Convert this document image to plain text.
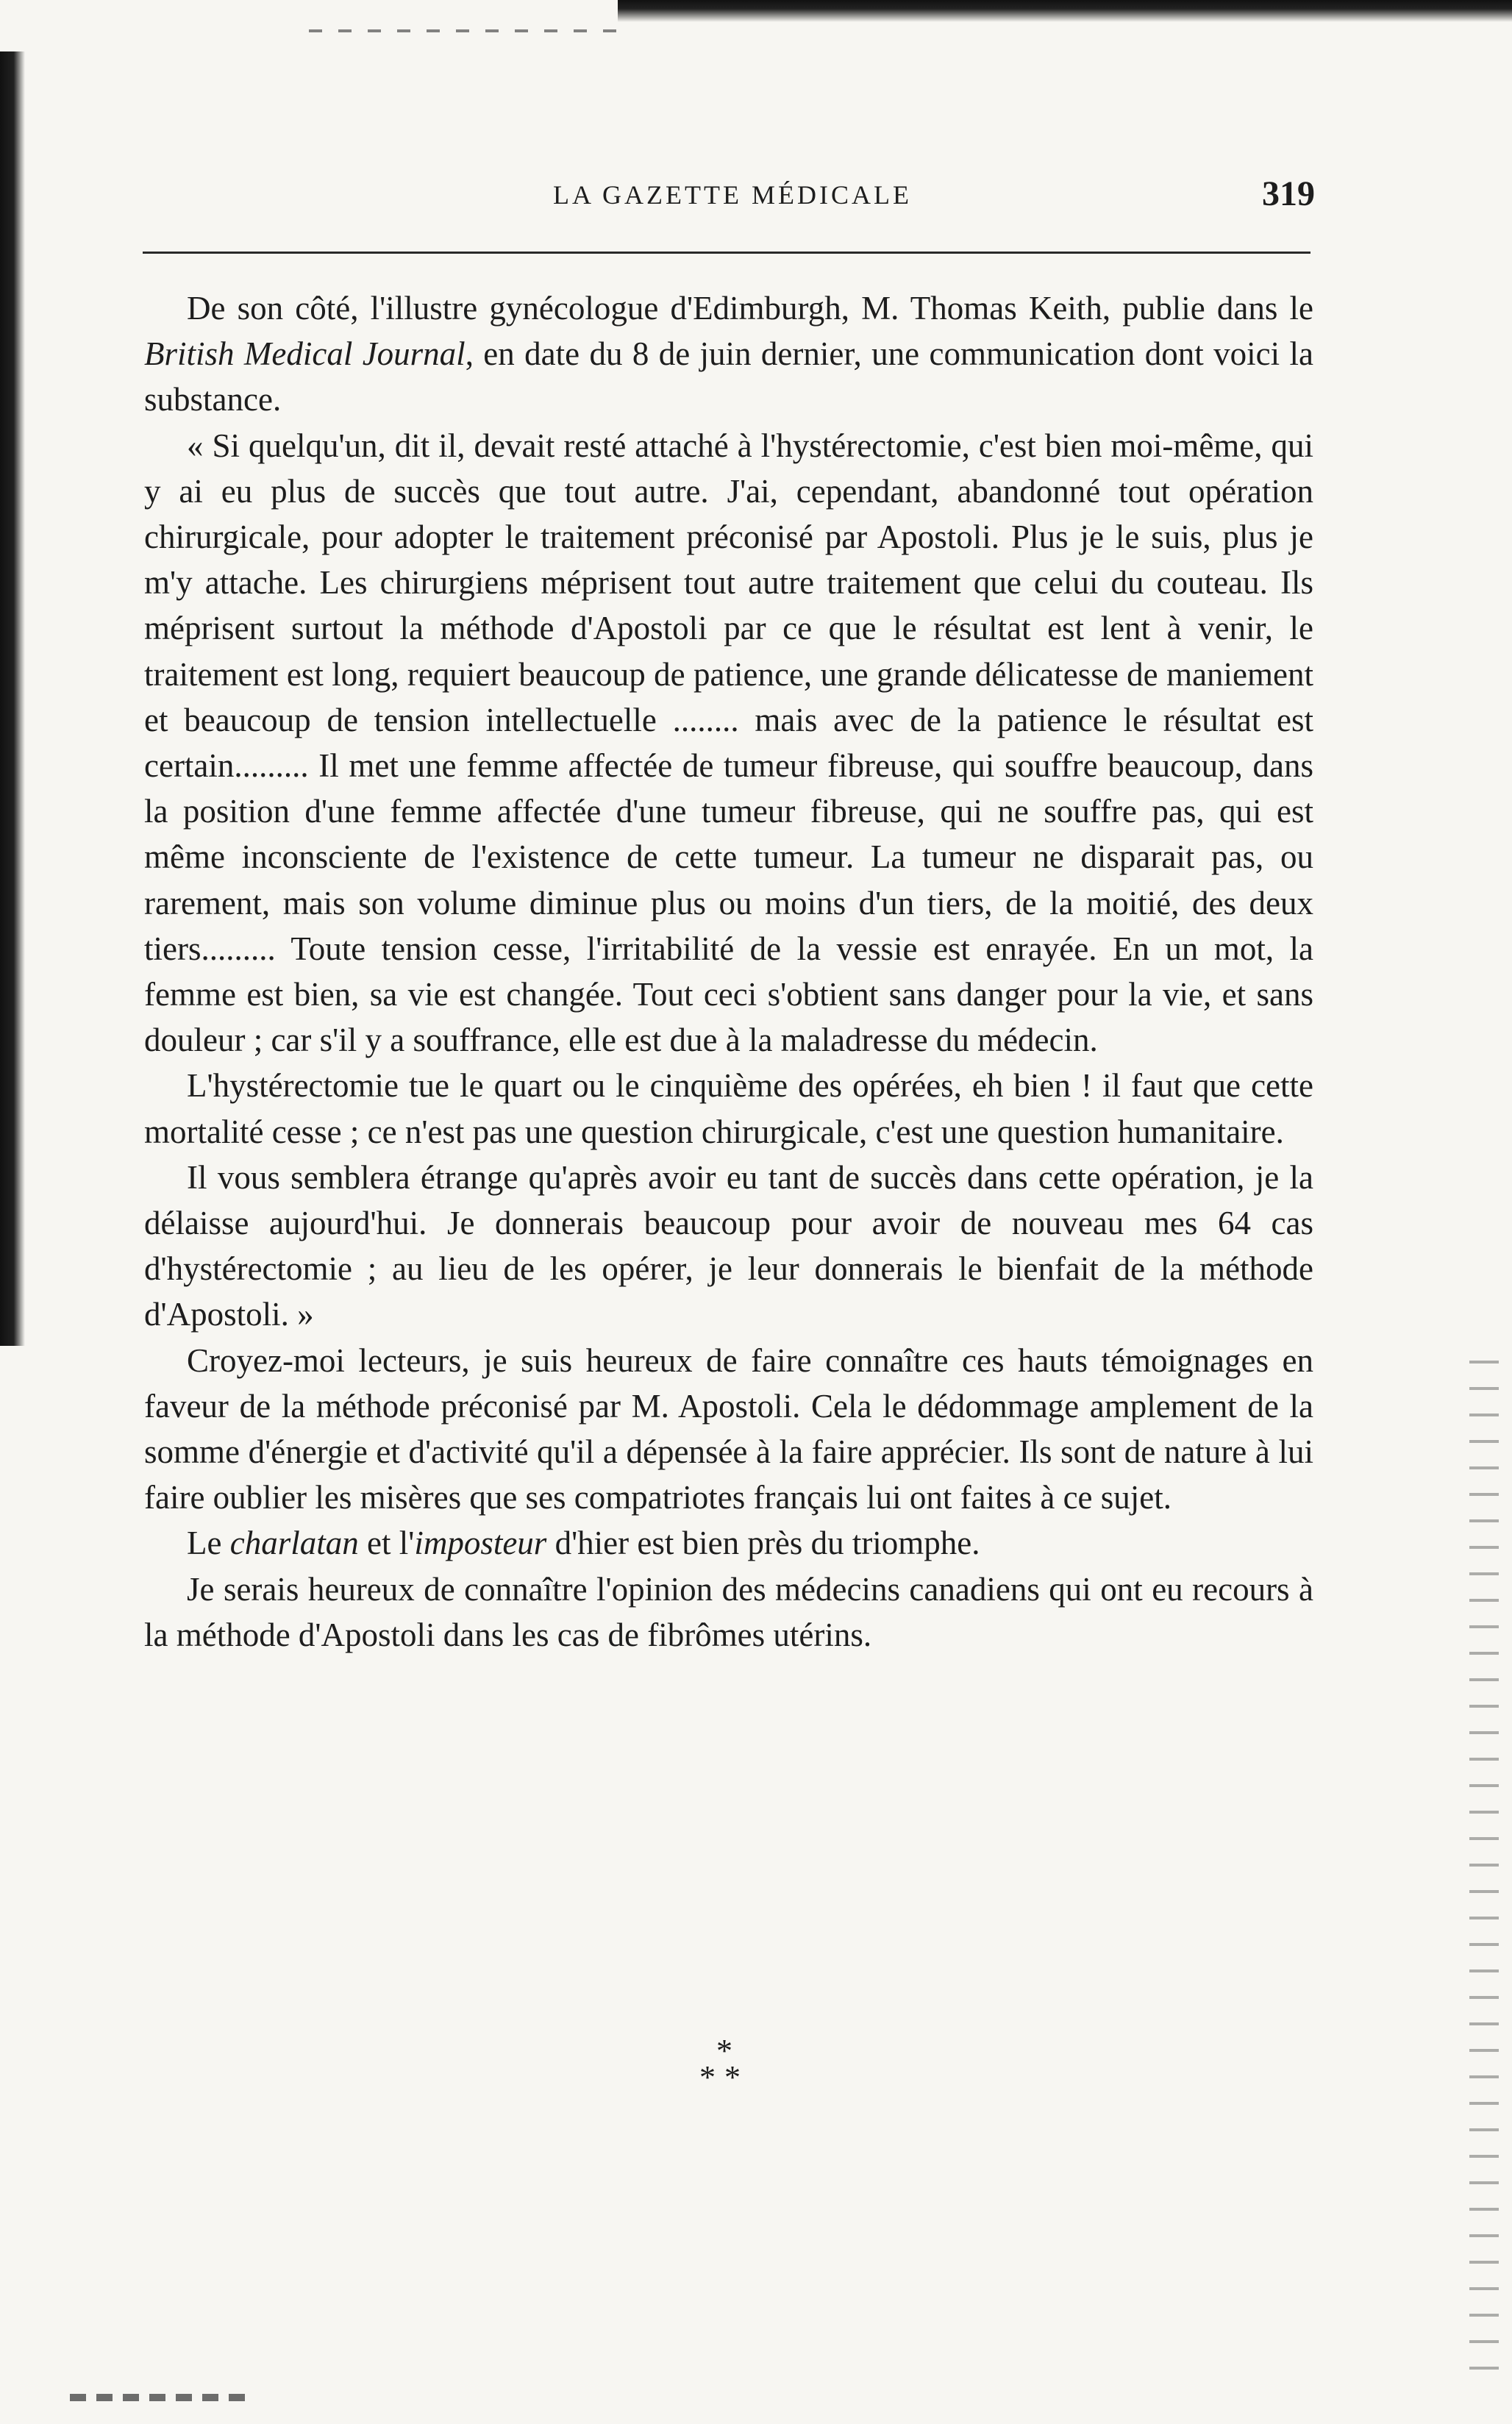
LA GAZETTE MÉDICALE	319

De son côté, l'illustre gynécologue d'Edimburgh, M. Thomas Keith, publie dans le British Medical Journal, en date du 8 de juin dernier, une communication dont voici la substance.

« Si quelqu'un, dit il, devait resté attaché à l'hystérectomie, c'est bien moi-même, qui y ai eu plus de succès que tout autre. J'ai, cependant, abandonné tout opération chirurgicale, pour adopter le traitement préconisé par Apostoli. Plus je le suis, plus je m'y attache. Les chirurgiens méprisent tout autre traitement que celui du couteau. Ils méprisent surtout la méthode d'Apostoli par ce que le résultat est lent à venir, le traitement est long, requiert beaucoup de patience, une grande délicatesse de maniement et beaucoup de tension intellectuelle ........ mais avec de la patience le résultat est certain......... Il met une femme affectée de tumeur fibreuse, qui souffre beaucoup, dans la position d'une femme affectée d'une tumeur fibreuse, qui ne souffre pas, qui est même inconsciente de l'existence de cette tumeur. La tumeur ne disparait pas, ou rarement, mais son volume diminue plus ou moins d'un tiers, de la moitié, des deux tiers......... Toute tension cesse, l'irritabilité de la vessie est enrayée. En un mot, la femme est bien, sa vie est changée. Tout ceci s'obtient sans danger pour la vie, et sans douleur ; car s'il y a souffrance, elle est due à la maladresse du médecin.

L'hystérectomie tue le quart ou le cinquième des opérées, eh bien ! il faut que cette mortalité cesse ; ce n'est pas une question chirurgicale, c'est une question humanitaire.

Il vous semblera étrange qu'après avoir eu tant de succès dans cette opération, je la délaisse aujourd'hui. Je donnerais beaucoup pour avoir de nouveau mes 64 cas d'hystérectomie ; au lieu de les opérer, je leur donnerais le bienfait de la méthode d'Apostoli. »

Croyez-moi lecteurs, je suis heureux de faire connaître ces hauts témoignages en faveur de la méthode préconisé par M. Apostoli. Cela le dédommage amplement de la somme d'énergie et d'activité qu'il a dépensée à la faire apprécier. Ils sont de nature à lui faire oublier les misères que ses compatriotes français lui ont faites à ce sujet.

Le charlatan et l'imposteur d'hier est bien près du triomphe.

Je serais heureux de connaître l'opinion des médecins canadiens qui ont eu recours à la méthode d'Apostoli dans les cas de fibrômes utérins.

*
**
